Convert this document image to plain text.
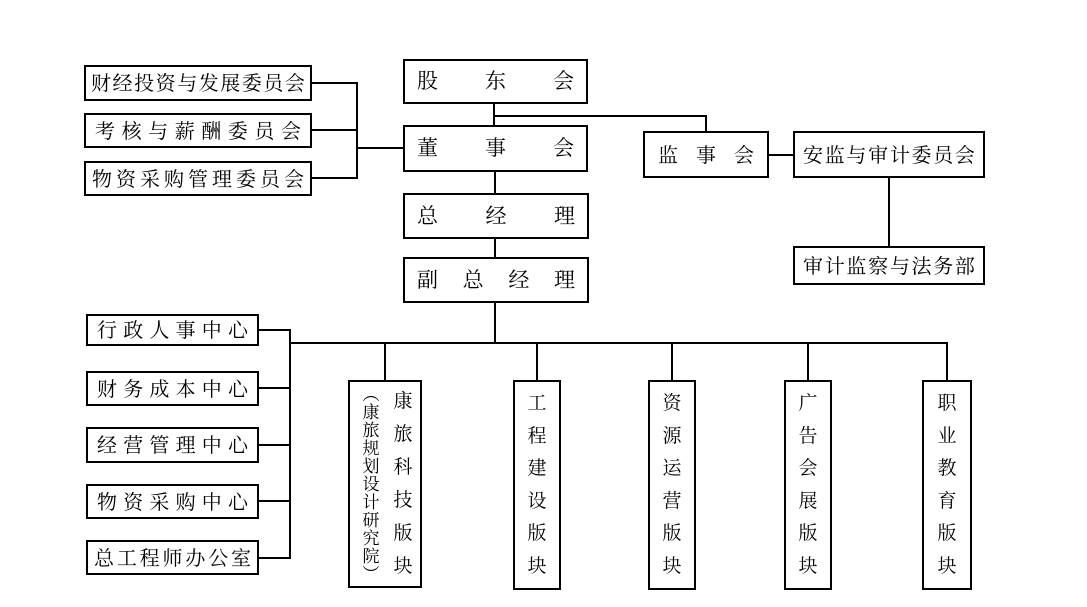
股 东 会
董 事 会
总 经 理
副 总 经 理
财 经 投 资 与 发 展 委 员 会
考 核 与 薪 酬 委 员 会
物 资 采 购 管 理 委 员 会
监 事 会 安 监 与 审 计 委 员 会
审 计 监 察 与 法 务 部
行 政 人 事 中 心
财 务 成 本 中 心
经 营 管 理 中 心
物 资 采 购 中 心
总 工 程 师 办 公 室	（康旅规划设计研究院） 康
旅
科
技
版
块
工
程
建
设
版
块
资
源
运
营
版
块
广
告
会
展
版
块
职
业
教
育
版
块
